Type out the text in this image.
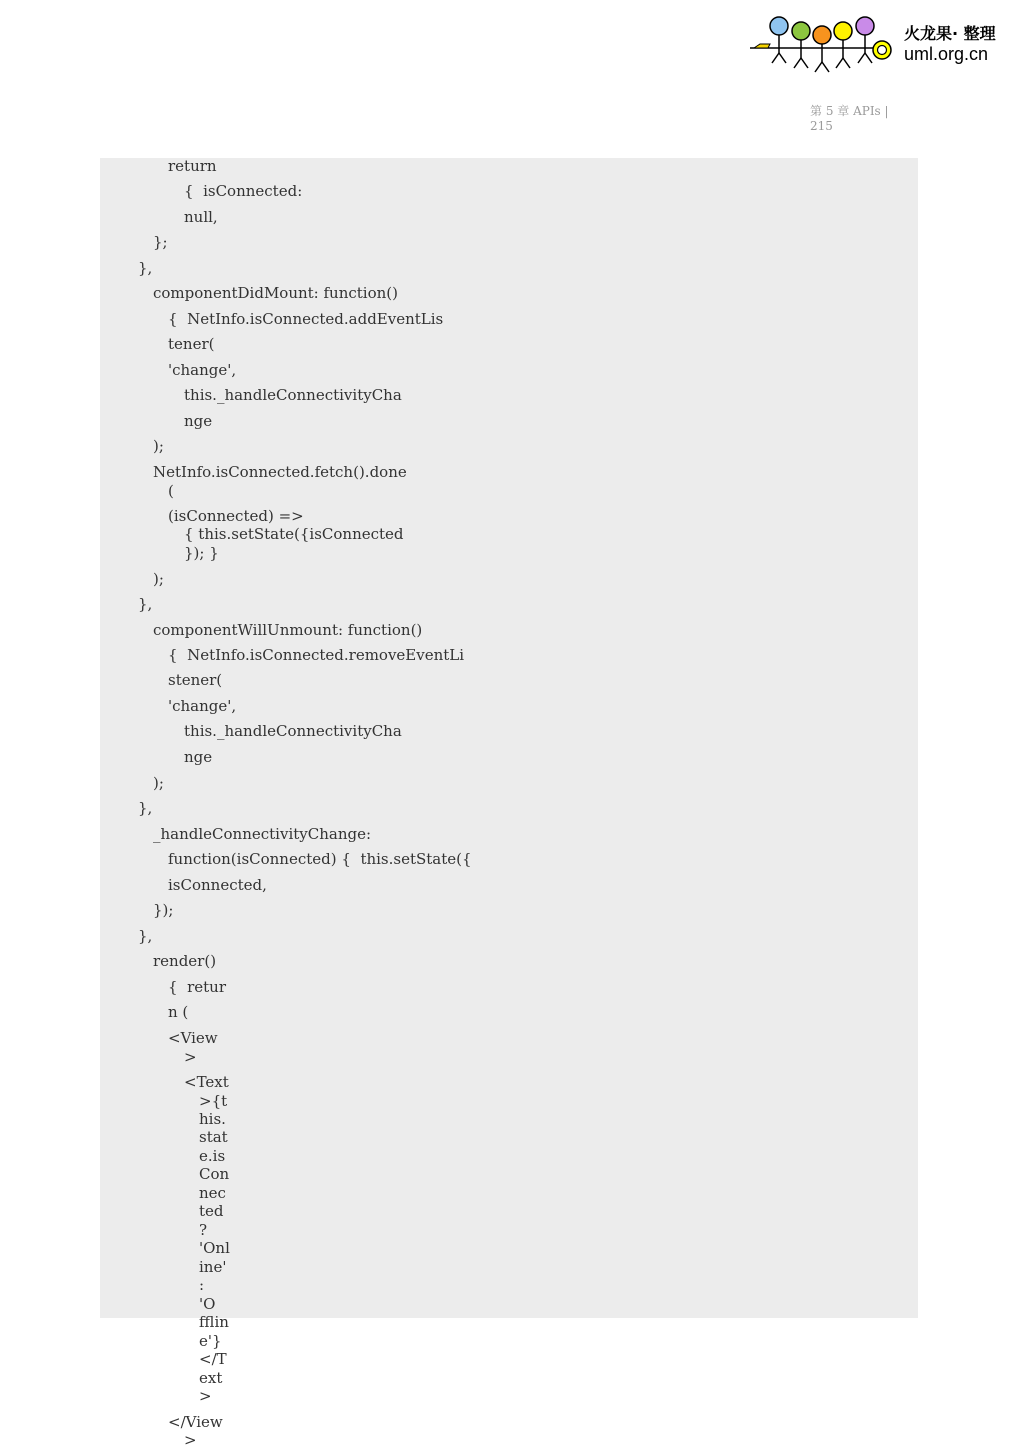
火龙果· 整理
uml.org.cn
第 5 章 APIs |
215
return
{  isConnected:
null,
};
},
componentDidMount: function()
{  NetInfo.isConnected.addEventLis
tener(
'change',
this._handleConnectivityCha
nge
);
NetInfo.isConnected.fetch().done
(
(isConnected) =>
{ this.setState({isConnected
}); }
);
},
componentWillUnmount: function()
{  NetInfo.isConnected.removeEventLi
stener(
'change',
this._handleConnectivityCha
nge
);
},
_handleConnectivityChange:
function(isConnected) {  this.setState({
isConnected,
});
},
render()
{  retur
n (
<View
>
<Text
>{t
his.
stat
e.is
Con
nec
ted
?
'Onl
ine'
:
'O
fflin
e'}
</T
ext
>
</View
>
